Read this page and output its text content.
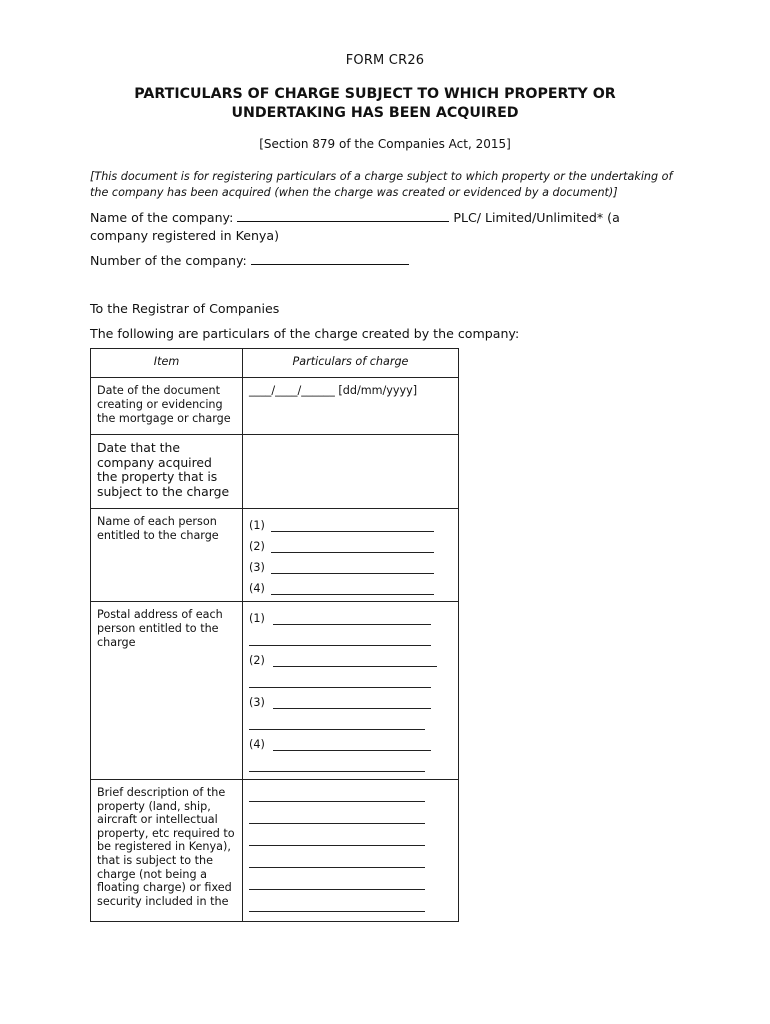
FORM CR26
PARTICULARS OF CHARGE SUBJECT TO WHICH PROPERTY OR UNDERTAKING HAS BEEN ACQUIRED
[Section 879 of the Companies Act, 2015]
[This document is for registering particulars of a charge subject to which property or the undertaking of the company has been acquired (when the charge was created or evidenced by a document)]
Name of the company:	PLC/ Limited/Unlimited* (a
company registered in Kenya)
Number of the company:
To the Registrar of Companies
The following are particulars of the charge created by the company:
Item	Particulars of charge
Date of the document creating or evidencing the mortgage or charge	____/____/______ [dd/mm/yyyy]
Date that the company acquired the property that is subject to the charge	
Name of each person entitled to the charge	(1)
(2)
(3)
(4)

Postal address of each person entitled to the charge	(1)
(2)
(3)
(4)

Brief description of the property (land, ship, aircraft or intellectual property, etc required to be registered in Kenya), that is subject to the charge (not being a floating charge) or fixed security included in the	
